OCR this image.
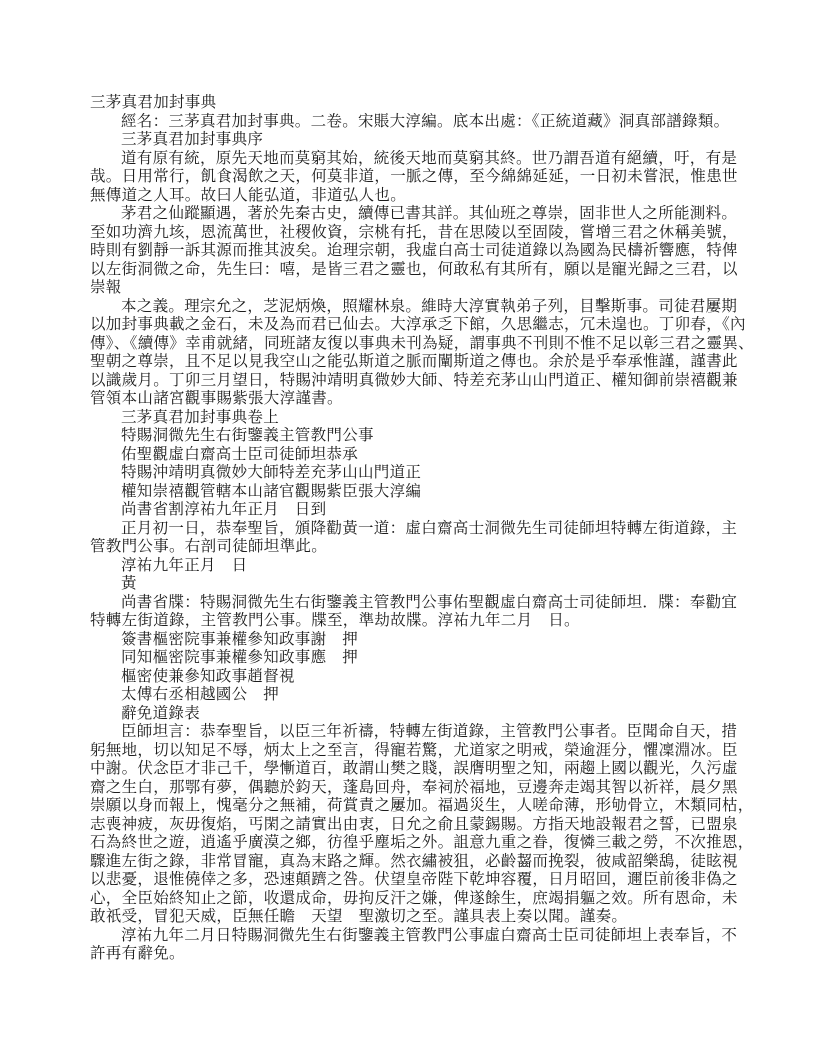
三茅真君加封事典
經名：三茅真君加封事典。二卷。宋賬大淳編。底本出處：《正統道藏》洞真部譜錄類。
三茅真君加封事典序
道有原有統，原先天地而莫窮其始，統後天地而莫窮其終。世乃謂吾道有絕續，吁，有是
哉。日用常行，飢食渴飲之天，何莫非道，一脈之傳，至今綿綿延延，一日初未嘗泯，惟患世
無傳道之人耳。故曰人能弘道，非道弘人也。
茅君之仙蹤顯遇，著於先秦古史，續傳已書其詳。其仙班之尊崇，固非世人之所能測料。
至如功濟九垓，恩流萬世，社稷攸資，宗桃有托，昔在思陵以至固陵，嘗增三君之休稱美號，
時則有劉靜一訴其源而推其波矣。迨理宗朝，我虛白高士司徒道錄以為國為民檮祈響應，特俾
以左街洞微之命，先生曰：嘻，是皆三君之靈也，何敢私有其所有，願以是寵光歸之三君，以
崇報
本之義。理宗允之，芝泥炳煥，照耀林泉。維時大淳實執弟子列，目擊斯事。司徒君屢期
以加封事典載之金石，未及為而君已仙去。大淳承乏下館，久思繼志，冗未遑也。丁卯春，《內
傳》、《續傳》幸甫就緒，同班諸友復以事典未刊為疑，謂事典不刊則不惟不足以彰三君之靈異、
聖朝之尊崇，且不足以見我空山之能弘斯道之脈而闡斯道之傳也。余於是乎奉承惟謹，謹書此
以識歲月。丁卯三月望日，特賜沖靖明真微妙大師、特差充茅山山門道正、權知御前崇禧觀兼
管領本山諸宮觀事賜紫張大淳謹書。
三茅真君加封事典卷上
特賜洞微先生右街鑒義主管教門公事
佑聖觀虛白齋高士臣司徒師坦恭承
特賜沖靖明真微妙大師特差充茅山山門道正
權知崇禧觀管轄本山諸官觀賜紫臣張大淳編
尚書省割淳祐九年正月　日到
正月初一日，恭奉聖旨，頒降勸黃一道：虛白齋高士洞微先生司徒師坦特轉左街道錄，主
管教門公事。右剖司徒師坦準此。
淳祐九年正月　日
黃
尚書省牒：特賜洞微先生右街鑒義主管教門公事佑聖觀虛白齋高士司徒師坦．牒：奉勸宜
特轉左街道錄，主管教門公事。牒至，準劫故牒。淳祐九年二月　日。
簽書樞密院事兼權參知政事謝　押
同知樞密院事兼權參知政事應　押
樞密使兼參知政事趙督視
太傅右丞相越國公　押
辭免道錄表
臣師坦言：恭奉聖旨，以臣三年祈禱，特轉左街道錄，主管教門公事者。臣聞命自天，措
躬無地，切以知足不辱，炳太上之至言，得寵若驚，尤道家之明戒，榮逾涯分，懼凜淵冰。臣
中謝。伏念臣才非己千，學慚道百，敢謂山樊之賤，誤膺明聖之知，兩趨上國以觀光，久污虛
齋之生白，那鄂有夢，偶聽於鈞天，蓬島回舟，奉祠於福地，豆邊奔走竭其智以祈祥，晨夕黑
崇願以身而報上，愧毫分之無補，荷賞責之屢加。福過災生，人嗟命薄，形劬骨立，木類同枯，
志喪神疲，灰毋復焰，丐閑之請實出由衷，日允之俞且蒙錫賜。方指天地設報君之誓，已盟泉
石為終世之遊，逍遙乎廣漠之鄉，彷徨乎塵垢之外。詛意九重之眷，復憐三載之勞，不次推恩，
驟進左街之錄，非常冒寵，真為末路之輝。然衣繡被狙，必齡齧而挽裂，彼咸韶樂鴰，徒眩視
以悲憂，退惟僥倖之多，恐速顛躋之咎。伏望皇帝陛下乾坤容覆，日月昭回，邇臣前後非偽之
心，全臣始終知止之節，收還成命，毋拘反汗之嫌，俾遂餘生，庶竭捐軀之效。所有恩命，未
敢祇受，冒犯天威，臣無任瞻　天望　聖激切之至。謹具表上奏以聞。謹奏。
淳祐九年二月日特賜洞微先生右街鑒義主管教門公事虛白齋高士臣司徒師坦上表奉旨，不
許再有辭免。
